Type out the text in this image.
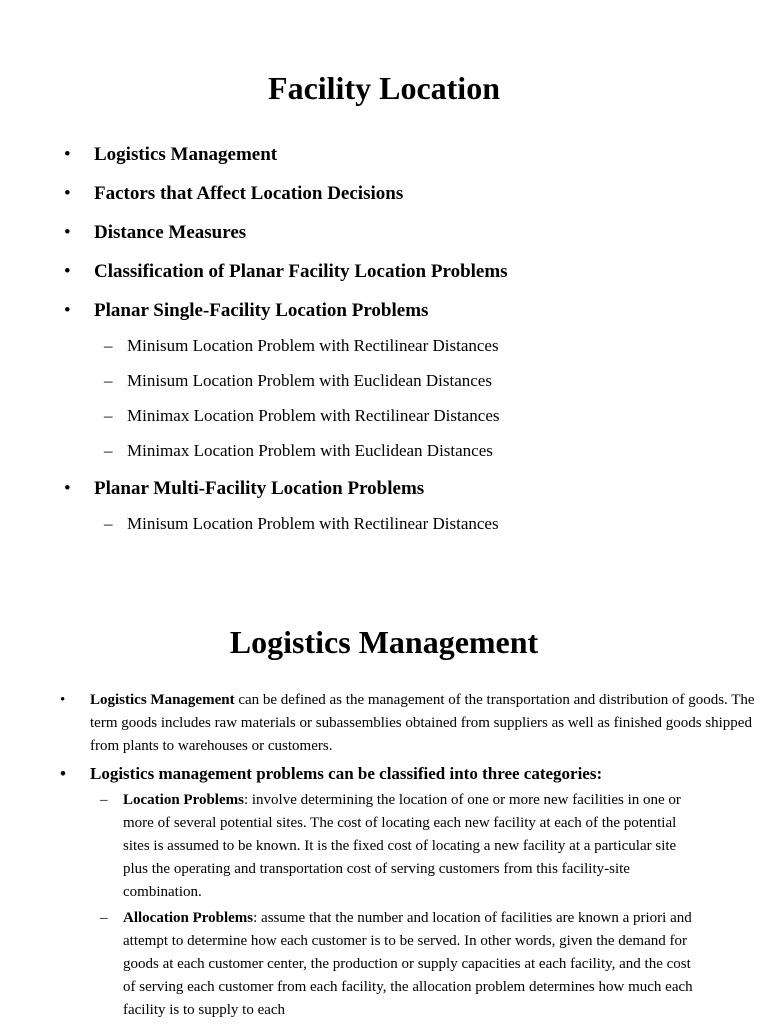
Facility Location
• Logistics Management
• Factors that Affect Location Decisions
• Distance Measures
• Classification of Planar Facility Location Problems
• Planar Single-Facility Location Problems
– Minisum Location Problem with Rectilinear Distances
– Minisum Location Problem with Euclidean Distances
– Minimax Location Problem with Rectilinear Distances
– Minimax Location Problem with Euclidean Distances
• Planar Multi-Facility Location Problems
– Minisum Location Problem with Rectilinear Distances
Logistics Management
• Logistics Management can be defined as the management of the transportation and distribution of goods. The term goods includes raw materials or subassemblies obtained from suppliers as well as finished goods shipped from plants to warehouses or customers.
• Logistics management problems can be classified into three categories:
– Location Problems: involve determining the location of one or more new facilities in one or more of several potential sites. The cost of locating each new facility at each of the potential sites is assumed to be known. It is the fixed cost of locating a new facility at a particular site plus the operating and transportation cost of serving customers from this facility-site combination.
– Allocation Problems: assume that the number and location of facilities are known a priori and attempt to determine how each customer is to be served. In other words, given the demand for goods at each customer center, the production or supply capacities at each facility, and the cost of serving each customer from each facility, the allocation problem determines how much each facility is to supply to each
